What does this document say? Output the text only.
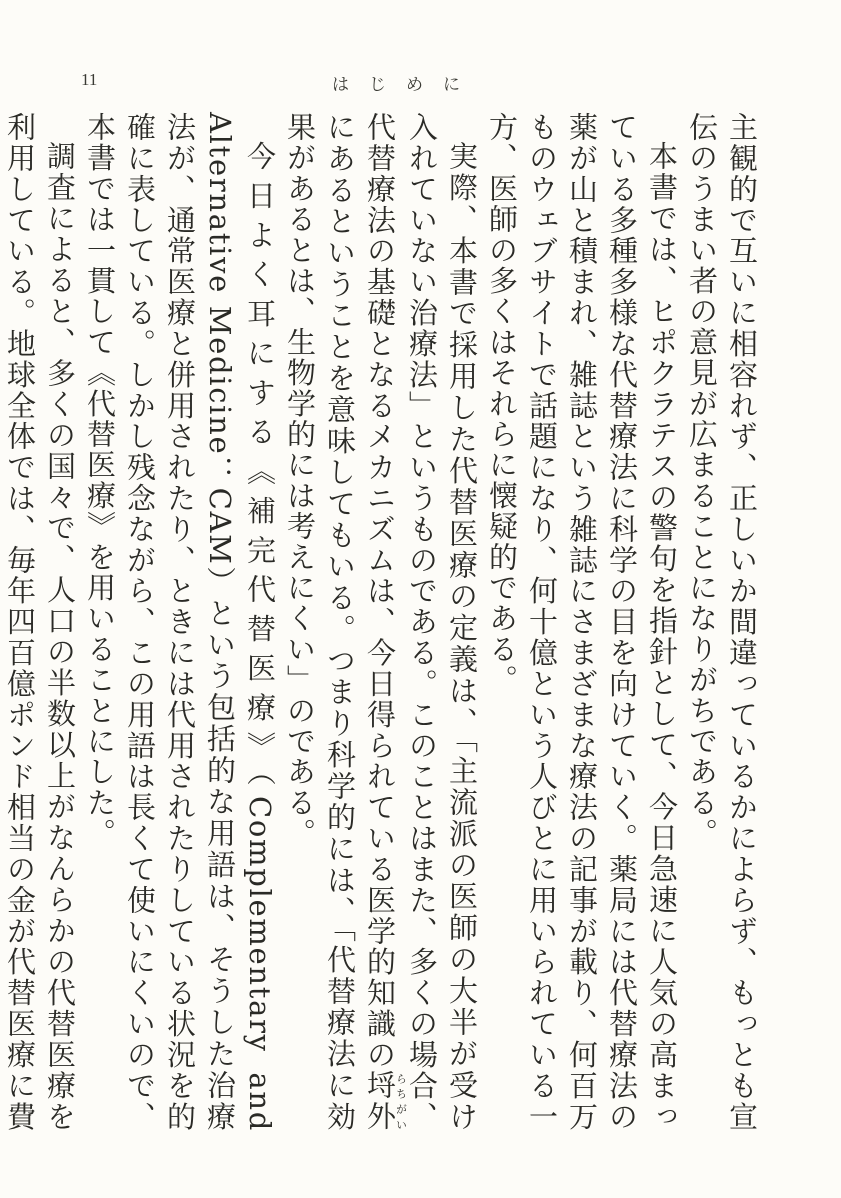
11	はじめに

主観的で互いに相容れず、正しいか間違っているかによらず、もっとも宣伝のうまい者の意見が広まることになりがちである。

本書では、ヒポクラテスの警句を指針として、今日急速に人気の高まっている多種多様な代替療法に科学の目を向けていく。薬局には代替療法の薬が山と積まれ、雑誌という雑誌にさまざまな療法の記事が載り、何百万ものウェブサイトで話題になり、何十億という人びとに用いられている一方、医師の多くはそれらに懐疑的である。

実際、本書で採用した代替医療の定義は、「主流派の医師の大半が受け入れていない治療法」というものである。このことはまた、多くの場合、代替療法の基礎となるメカニズムは、今日得られている医学的知識の埒外らちがいにあるということを意味してもいる。つまり科学的には、「代替療法に効果があるとは、生物学的には考えにくい」のである。

今日よく耳にする《補完代替医療》（Complementary and Alternative Medicine：CAM）という包括的な用語は、そうした治療法が、通常医療と併用されたり、ときには代用されたりしている状況を的確に表している。しかし残念ながら、この用語は長くて使いにくいので、本書では一貫して《代替医療》を用いることにした。

調査によると、多くの国々で、人口の半数以上がなんらかの代替医療を利用している。地球全体では、毎年四百億ポンド相当の金が代替医療に費
